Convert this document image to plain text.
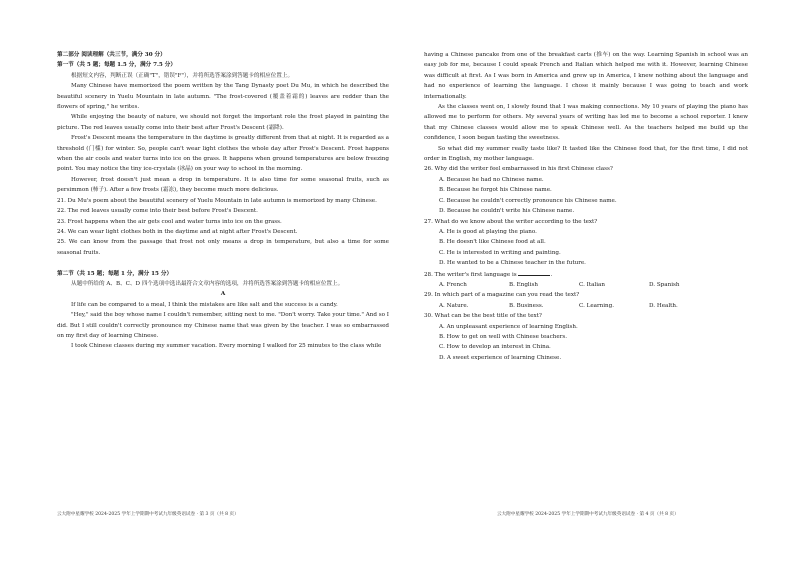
第二部分 阅读理解（共三节，满分 30 分）

第一节（共 5 题；每题 1.5 分，满分 7.5 分）

根据短文内容，判断正误（正确"T"，错误"F"），并将所选答案涂到答题卡的相应位置上。

Many Chinese have memorized the poem written by the Tang Dynasty poet Du Mu, in which he described the beautiful scenery in Yuelu Mountain in late autumn. "The frost-covered (覆盖着霜的) leaves are redder than the flowers of spring," he writes.

While enjoying the beauty of nature, we should not forget the important role the frost played in painting the picture. The red leaves usually come into their best after Frost's Descent (霜降).

Frost's Descent means the temperature in the daytime is greatly different from that at night. It is regarded as a threshold (门槛) for winter. So, people can't wear light clothes the whole day after Frost's Descent. Frost happens when the air cools and water turns into ice on the grass. It happens when ground temperatures are below freezing point. You may notice the tiny ice-crystals (冰晶) on your way to school in the morning.

However, frost doesn't just mean a drop in temperature. It is also time for some seasonal fruits, such as persimmon (柿子). After a few frosts (霜冻), they become much more delicious.

21. Du Mu's poem about the beautiful scenery of Yuelu Mountain in late autumn is memorized by many Chinese.

22. The red leaves usually come into their best before Frost's Descent.

23. Frost happens when the air gets cool and water turns into ice on the grass.

24. We can wear light clothes both in the daytime and at night after Frost's Descent.

25. We can know from the passage that frost not only means a drop in temperature, but also a time for some seasonal fruits.

第二节（共 15 题；每题 1 分，满分 15 分）

从题中所给的 A、B、C、D 四个选项中选出最符合文章内容的选项，并将所选答案涂到答题卡的相应位置上。

A

If life can be compared to a meal, I think the mistakes are like salt and the success is a candy.

"Hey," said the boy whose name I couldn't remember, sitting next to me. "Don't worry. Take your time." And so I did. But I still couldn't correctly pronounce my Chinese name that was given by the teacher. I was so embarrassed on my first day of learning Chinese.

I took Chinese classes during my summer vacation. Every morning I walked for 25 minutes to the class while

云大附中星耀学校 2024-2025 学年上学期期中考试九年级英语试卷 · 第 3 页（共 8 页）

having a Chinese pancake from one of the breakfast carts (推车) on the way. Learning Spanish in school was an easy job for me, because I could speak French and Italian which helped me with it. However, learning Chinese was difficult at first. As I was born in America and grew up in America, I knew nothing about the language and had no experience of learning the language. I chose it mainly because I was going to teach and work internationally.

As the classes went on, I slowly found that I was making connections. My 10 years of playing the piano has allowed me to perform for others. My several years of writing has led me to become a school reporter. I knew that my Chinese classes would allow me to speak Chinese well. As the teachers helped me build up the confidence, I soon began tasting the sweetness.

So what did my summer really taste like? It tasted like the Chinese food that, for the first time, I did not order in English, my mother language.

26. Why did the writer feel embarrassed in his first Chinese class?

A. Because he had no Chinese name.

B. Because he forgot his Chinese name.

C. Because he couldn't correctly pronounce his Chinese name.

D. Because he couldn't write his Chinese name.

27. What do we know about the writer according to the text?

A. He is good at playing the piano.

B. He doesn't like Chinese food at all.

C. He is interested in writing and painting.

D. He wanted to be a Chinese teacher in the future.

28. The writer's first language is	.

A. French	B. English	C. Italian	D. Spanish

29. In which part of a magazine can you read the text?

A. Nature.	B. Business.	C. Learning.	D. Health.

30. What can be the best title of the text?

A. An unpleasant experience of learning English.

B. How to get on well with Chinese teachers.

C. How to develop an interest in China.

D. A sweet experience of learning Chinese.

云大附中星耀学校 2024-2025 学年上学期期中考试九年级英语试卷 · 第 4 页（共 8 页）
